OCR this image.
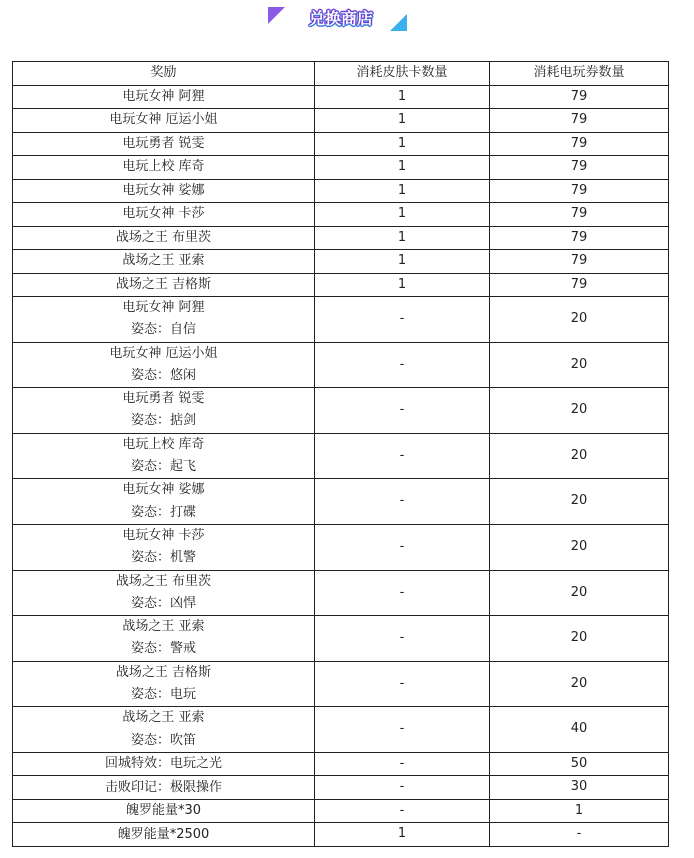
兑换商店
奖励	消耗皮肤卡数量	消耗电玩券数量

电玩女神 阿狸	1	79

电玩女神 厄运小姐	1	79

电玩勇者 锐雯	1	79

电玩上校 库奇	1	79

电玩女神 娑娜	1	79

电玩女神 卡莎	1	79

战场之王 布里茨	1	79

战场之王 亚索	1	79

战场之王 吉格斯	1	79

电玩女神 阿狸
姿态：自信	-	20

电玩女神 厄运小姐
姿态：悠闲	-	20

电玩勇者 锐雯
姿态：掂剑	-	20

电玩上校 库奇
姿态：起飞	-	20

电玩女神 娑娜
姿态：打碟	-	20

电玩女神 卡莎
姿态：机警	-	20

战场之王 布里茨
姿态：凶悍	-	20

战场之王 亚索
姿态：警戒	-	20

战场之王 吉格斯
姿态：电玩	-	20

战场之王 亚索
姿态：吹笛	-	40

回城特效：电玩之光	-	50

击败印记：极限操作	-	30

魄罗能量*30	-	1

魄罗能量*2500	1	-
